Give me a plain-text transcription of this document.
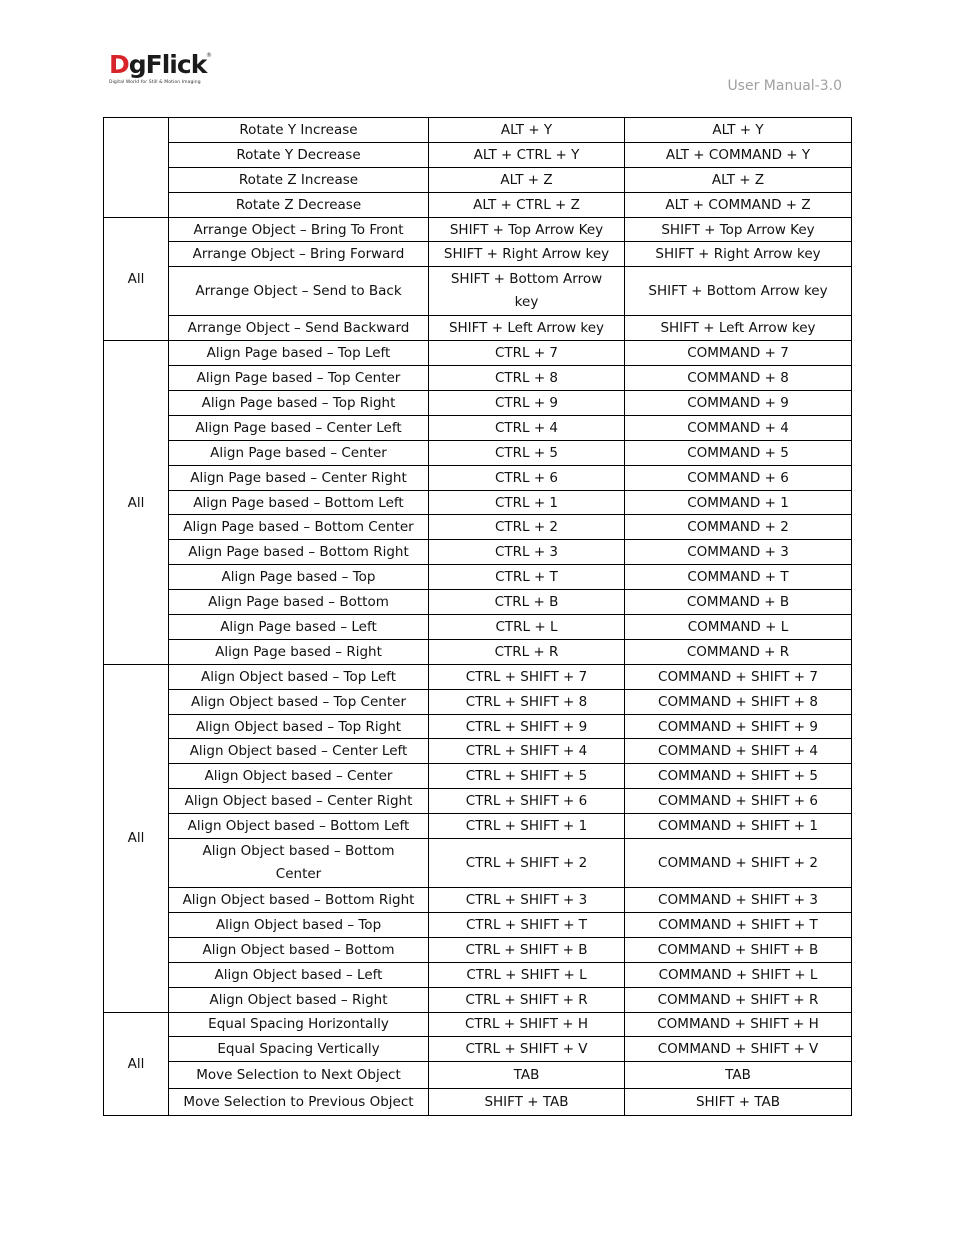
DgFlick ®
Digital World for Still & Motion Imaging	User Manual-3.0
	Rotate Y Increase	ALT + Y	ALT + Y
	Rotate Y Decrease	ALT + CTRL + Y	ALT + COMMAND + Y
	Rotate Z Increase	ALT + Z	ALT + Z
	Rotate Z Decrease	ALT + CTRL + Z	ALT + COMMAND + Z
All	Arrange Object – Bring To Front	SHIFT + Top Arrow Key	SHIFT + Top Arrow Key
	Arrange Object – Bring Forward	SHIFT + Right Arrow key	SHIFT + Right Arrow key
	Arrange Object – Send to Back	SHIFT + Bottom Arrow key	SHIFT + Bottom Arrow key
	Arrange Object – Send Backward	SHIFT + Left Arrow key	SHIFT + Left Arrow key
All	Align Page based – Top Left	CTRL + 7	COMMAND + 7
	Align Page based – Top Center	CTRL + 8	COMMAND + 8
	Align Page based – Top Right	CTRL + 9	COMMAND + 9
	Align Page based – Center Left	CTRL + 4	COMMAND + 4
	Align Page based – Center	CTRL + 5	COMMAND + 5
	Align Page based – Center Right	CTRL + 6	COMMAND + 6
	Align Page based – Bottom Left	CTRL + 1	COMMAND + 1
	Align Page based – Bottom Center	CTRL + 2	COMMAND + 2
	Align Page based – Bottom Right	CTRL + 3	COMMAND + 3
	Align Page based – Top	CTRL + T	COMMAND + T
	Align Page based – Bottom	CTRL + B	COMMAND + B
	Align Page based – Left	CTRL + L	COMMAND + L
	Align Page based – Right	CTRL + R	COMMAND + R
All	Align Object based – Top Left	CTRL + SHIFT + 7	COMMAND + SHIFT + 7
	Align Object based – Top Center	CTRL + SHIFT + 8	COMMAND + SHIFT + 8
	Align Object based – Top Right	CTRL + SHIFT + 9	COMMAND + SHIFT + 9
	Align Object based – Center Left	CTRL + SHIFT + 4	COMMAND + SHIFT + 4
	Align Object based – Center	CTRL + SHIFT + 5	COMMAND + SHIFT + 5
	Align Object based – Center Right	CTRL + SHIFT + 6	COMMAND + SHIFT + 6
	Align Object based – Bottom Left	CTRL + SHIFT + 1	COMMAND + SHIFT + 1
	Align Object based – Bottom Center	CTRL + SHIFT + 2	COMMAND + SHIFT + 2
	Align Object based – Bottom Right	CTRL + SHIFT + 3	COMMAND + SHIFT + 3
	Align Object based – Top	CTRL + SHIFT + T	COMMAND + SHIFT + T
	Align Object based – Bottom	CTRL + SHIFT + B	COMMAND + SHIFT + B
	Align Object based – Left	CTRL + SHIFT + L	COMMAND + SHIFT + L
	Align Object based – Right	CTRL + SHIFT + R	COMMAND + SHIFT + R
All	Equal Spacing Horizontally	CTRL + SHIFT + H	COMMAND + SHIFT + H
	Equal Spacing Vertically	CTRL + SHIFT + V	COMMAND + SHIFT + V
	Move Selection to Next Object	TAB	TAB
	Move Selection to Previous Object	SHIFT + TAB	SHIFT + TAB
